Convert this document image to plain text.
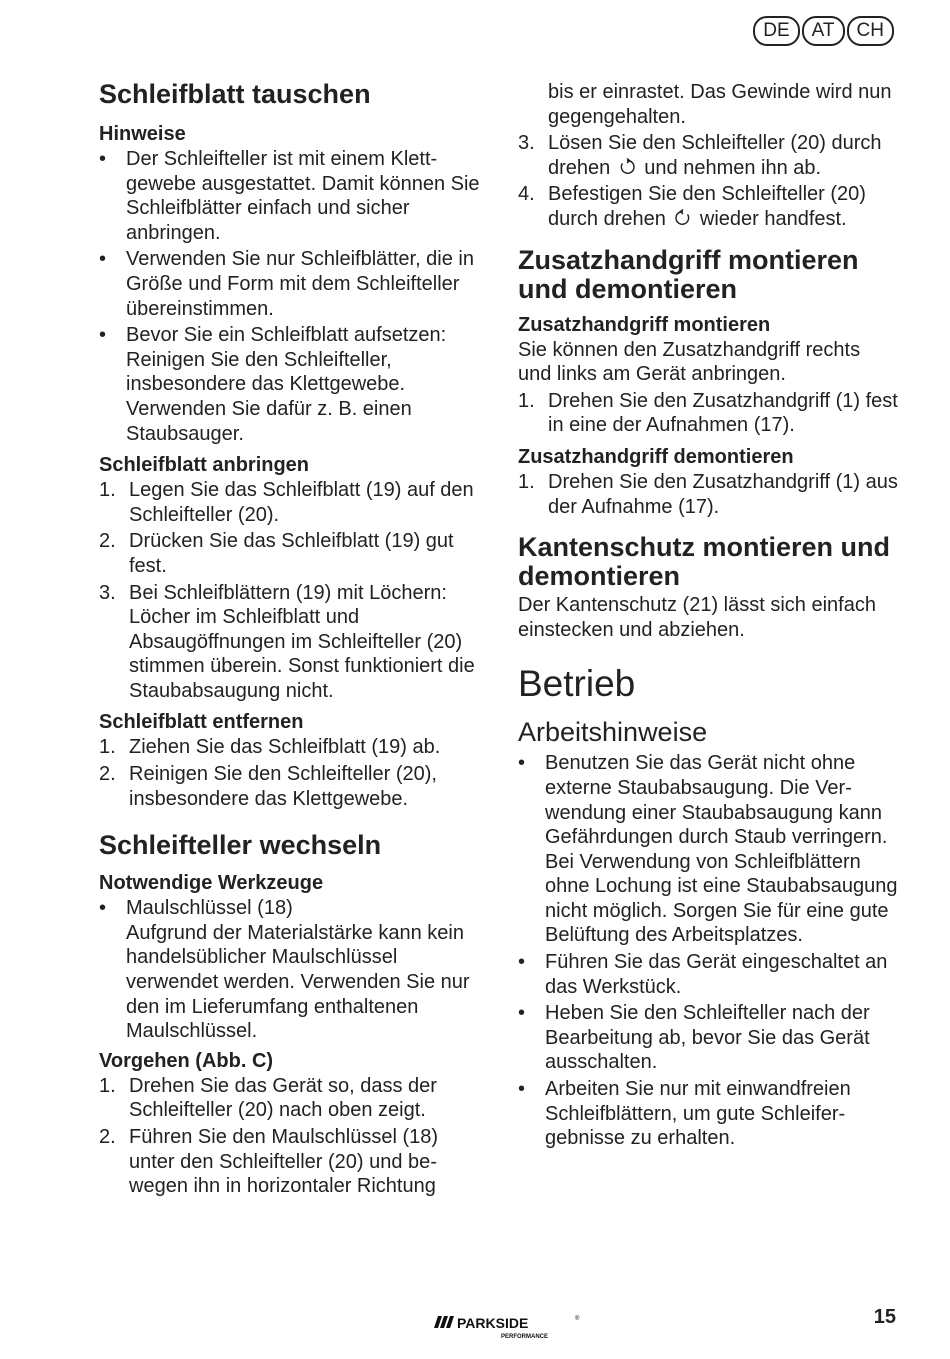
DE	AT	CH
Schleifblatt tauschen
Hinweise
• Der Schleifteller ist mit einem Klettgewebe ausgestattet. Damit können Sie Schleifblätter einfach und sicher anbringen.
• Verwenden Sie nur Schleifblätter, die in Größe und Form mit dem Schleifteller übereinstimmen.
• Bevor Sie ein Schleifblatt aufsetzen: Reinigen Sie den Schleifteller, insbesondere das Klettgewebe. Verwenden Sie dafür z. B. einen Staubsauger.
Schleifblatt anbringen
1. Legen Sie das Schleifblatt (19) auf den Schleifteller (20).
2. Drücken Sie das Schleifblatt (19) gut fest.
3. Bei Schleifblättern (19) mit Löchern: Löcher im Schleifblatt und Absaugöffnungen im Schleifteller (20) stimmen überein. Sonst funktioniert die Staubabsaugung nicht.
Schleifblatt entfernen
1. Ziehen Sie das Schleifblatt (19) ab.
2. Reinigen Sie den Schleifteller (20), insbesondere das Klettgewebe.
Schleifteller wechseln
Notwendige Werkzeuge
• Maulschlüssel (18)

Aufgrund der Materialstärke kann kein handelsüblicher Maulschlüssel verwendet werden. Verwenden Sie nur den im Lieferumfang enthaltenen Maulschlüssel.

Vorgehen (Abb. C)
1. Drehen Sie das Gerät so, dass der Schleifteller (20) nach oben zeigt.
2. Führen Sie den Maulschlüssel (18) unter den Schleifteller (20) und bewegen ihn in horizontaler Richtung

bis er einrastet. Das Gewinde wird nun gegengehalten.

3. Lösen Sie den Schleifteller (20) durch drehen und nehmen ihn ab.
4. Befestigen Sie den Schleifteller (20) durch drehen wieder handfest.
Zusatzhandgriff montieren und demontieren
Zusatzhandgriff montieren

Sie können den Zusatzhandgriff rechts und links am Gerät anbringen.

1. Drehen Sie den Zusatzhandgriff (1) fest in eine der Aufnahmen (17).
Zusatzhandgriff demontieren
1. Drehen Sie den Zusatzhandgriff (1) aus der Aufnahme (17).
Kantenschutz montieren und demontieren

Der Kantenschutz (21) lässt sich einfach einstecken und abziehen.

Betrieb
Arbeitshinweise
• Benutzen Sie das Gerät nicht ohne externe Staubabsaugung. Die Verwendung einer Staubabsaugung kann Gefährdungen durch Staub verringern. Bei Verwendung von Schleifblättern ohne Lochung ist eine Staubabsaugung nicht möglich. Sorgen Sie für eine gute Belüftung des Arbeitsplatzes.
• Führen Sie das Gerät eingeschaltet an das Werkstück.
• Heben Sie den Schleifteller nach der Bearbeitung ab, bevor Sie das Gerät ausschalten.
• Arbeiten Sie nur mit einwandfreien Schleifblättern, um gute Schleifergebnisse zu erhalten.
PARKSIDE	®
PERFORMANCE
15
